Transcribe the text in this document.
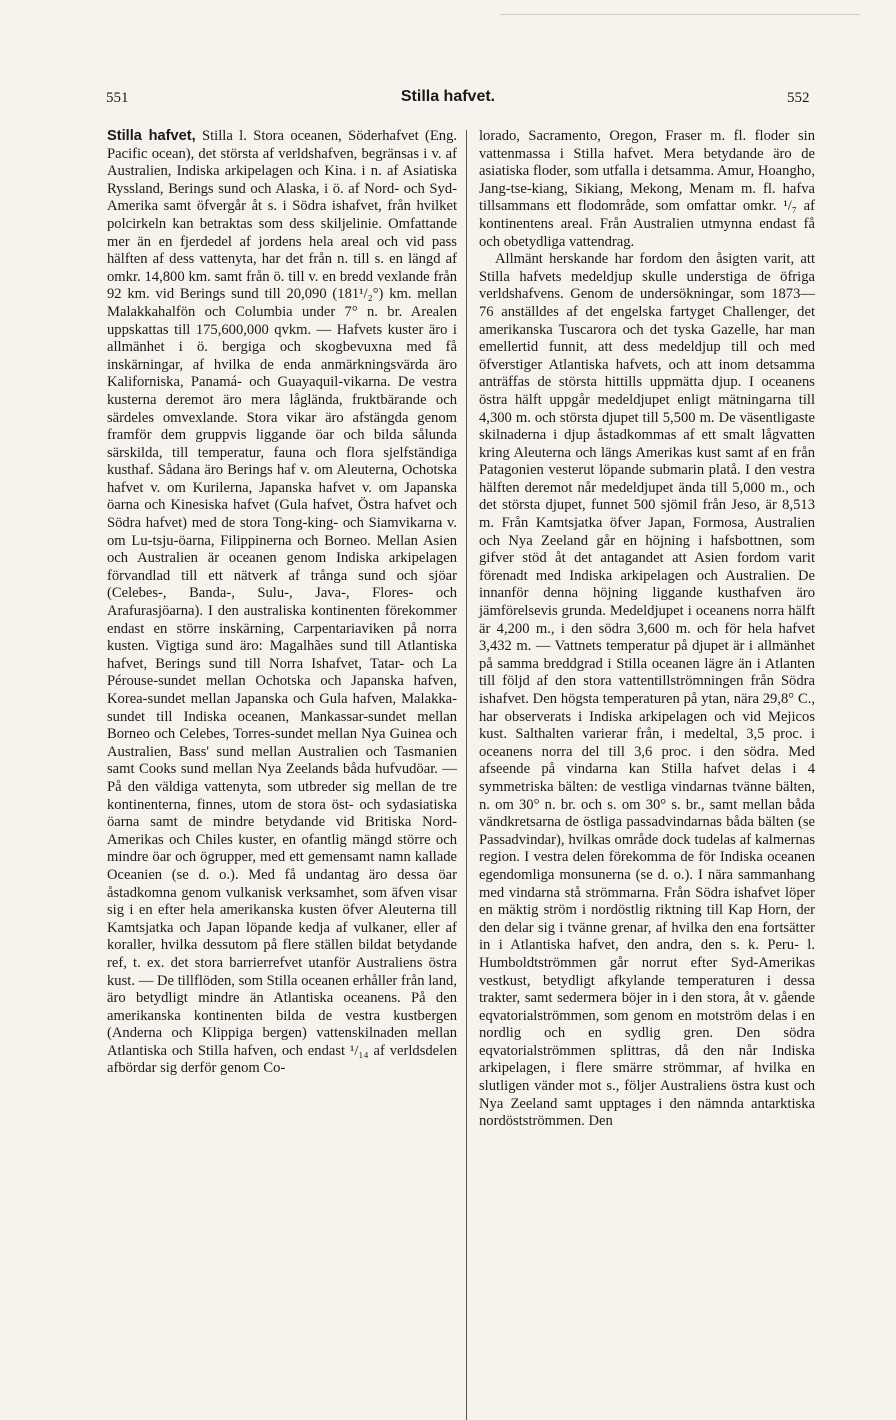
551	Stilla hafvet.	552

Stilla hafvet, Stilla l. Stora oceanen, Söderhafvet (Eng. Pacific ocean), det största af verldshafven, begränsas i v. af Australien, Indiska arkipelagen och Kina. i n. af Asiatiska Ryssland, Berings sund och Alaska, i ö. af Nord- och Syd-Amerika samt öfvergår åt s. i Södra ishafvet, från hvilket polcirkeln kan betraktas som dess skiljelinie. Omfattande mer än en fjerdedel af jordens hela areal och vid pass hälften af dess vattenyta, har det från n. till s. en längd af omkr. 14,800 km. samt från ö. till v. en bredd vexlande från 92 km. vid Berings sund till 20,090 (181¹/₂°) km. mellan Malakkahalfön och Columbia under 7° n. br. Arealen uppskattas till 175,600,000 qvkm. — Hafvets kuster äro i allmänhet i ö. bergiga och skogbevuxna med få inskärningar, af hvilka de enda anmärkningsvärda äro Kaliforniska, Panamá- och Guayaquil-vikarna. De vestra kusterna deremot äro mera lågländа, fruktbärande och särdeles omvexlande. Stora vikar äro afstängda genom framför dem gruppvis liggande öar och bilda sålunda särskilda, till temperatur, fauna och flora sjelfständiga kusthaf. Sådana äro Berings haf v. om Aleuterna, Ochotska hafvet v. om Kurilerna, Japanska hafvet v. om Japanska öarna och Kinesiska hafvet (Gula hafvet, Östra hafvet och Södra hafvet) med de stora Tong-king- och Siamvikarna v. om Lu-tsju-öarna, Filippinerna och Borneo. Mellan Asien och Australien är oceanen genom Indiska arkipelagen förvandlad till ett nätverk af trånga sund och sjöar (Celebes-, Banda-, Sulu-, Java-, Flores- och Arafurasjöarna). I den australiska kontinenten förekommer endast en större inskärning, Carpentariaviken på norra kusten. Vigtiga sund äro: Magalhães sund till Atlantiska hafvet, Berings sund till Norra Ishafvet, Tatar- och La Pérouse-sundet mellan Ochotska och Japanska hafven, Korea-sundet mellan Japanska och Gula hafven, Malakka-sundet till Indiska oceanen, Mankassar-sundet mellan Borneo och Celebes, Torres-sundet mellan Nya Guinea och Australien, Bass' sund mellan Australien och Tasmanien samt Cooks sund mellan Nya Zeelands båda hufvudöar. — På den väldiga vattenyta, som utbreder sig mellan de tre kontinenterna, finnes, utom de stora öst- och sydasiatiska öarna samt de mindre betydande vid Britiska Nord-Amerikas och Chiles kuster, en ofantlig mängd större och mindre öar och ögrupper, med ett gemensamt namn kallade Oceanien (se d. o.). Med få undantag äro dessa öar åstadkomna genom vulkanisk verksamhet, som äfven visar sig i en efter hela amerikanska kusten öfver Aleuterna till Kamtsjatka och Japan löpande kedja af vulkaner, eller af koraller, hvilka dessutom på flere ställen bildat betydande ref, t. ex. det stora barrierrefvet utanför Australiens östra kust. — De tillflöden, som Stilla oceanen erhåller från land, äro betydligt mindre än Atlantiska oceanens. På den amerikanska kontinenten bilda de vestra kustbergen (Anderna och Klippiga bergen) vattenskilnaden mellan Atlantiska och Stilla hafven, och endast ¹/₁₄ af verldsdelen afbördar sig derför genom Co-

lorado, Sacramento, Oregon, Fraser m. fl. floder sin vattenmassa i Stilla hafvet. Mera betydande äro de asiatiska floder, som utfalla i detsamma. Amur, Hoangho, Jang-tse-kiang, Sikiang, Mekong, Menam m. fl. hafva tillsammans ett flodområde, som omfattar omkr. ¹/₇ af kontinentens areal. Från Australien utmynna endast få och obetydliga vattendrag.

Allmänt herskande har fordom den åsigten varit, att Stilla hafvets medeldjup skulle understiga de öfriga verldshafvens. Genom de undersökningar, som 1873—76 anställdes af det engelska fartyget Challenger, det amerikanska Tuscarora och det tyska Gazelle, har man emellertid funnit, att dess medeldjup till och med öfverstiger Atlantiska hafvets, och att inom detsamma anträffas de största hittills uppmätta djup. I oceanens östra hälft uppgår medeldjupet enligt mätningarna till 4,300 m. och största djupet till 5,500 m. De väsentligaste skilnaderna i djup åstadkommas af ett smalt lågvatten kring Aleuterna och längs Amerikas kust samt af en från Patagonien vesterut löpande submarin platå. I den vestra hälften deremot når medeldjupet ända till 5,000 m., och det största djupet, funnet 500 sjömil från Jeso, är 8,513 m. Från Kamtsjatka öfver Japan, Formosa, Australien och Nya Zeeland går en höjning i hafsbottnen, som gifver stöd åt det antagandet att Asien fordom varit förenadt med Indiska arkipelagen och Australien. De innanför denna höjning liggande kusthafven äro jämförelsevis grunda. Medeldjupet i oceanens norra hälft är 4,200 m., i den södra 3,600 m. och för hela hafvet 3,432 m. — Vattnets temperatur på djupet är i allmänhet på samma breddgrad i Stilla oceanen lägre än i Atlanten till följd af den stora vattentillströmningen från Södra ishafvet. Den högsta temperaturen på ytan, nära 29,8° C., har observerats i Indiska arkipelagen och vid Mejicos kust. Salthalten varierar från, i medeltal, 3,5 proc. i oceanens norra del till 3,6 proc. i den södra. Med afseende på vindarna kan Stilla hafvet delas i 4 symmetriska bälten: de vestliga vindarnas tvänne bälten, n. om 30° n. br. och s. om 30° s. br., samt mellan båda vändkretsarna de östliga passadvindarnas båda bälten (se Passadvindar), hvilkas område dock tudelas af kalmernas region. I vestra delen förekomma de för Indiska oceanen egendomliga monsunerna (se d. o.). I nära sammanhang med vindarna stå strömmarna. Från Södra ishafvet löper en mäktig ström i nordöstlig riktning till Kap Horn, der den delar sig i tvänne grenar, af hvilka den ena fortsätter in i Atlantiska hafvet, den andra, den s. k. Peru- l. Humboldtströmmen går norrut efter Syd-Amerikas vestkust, betydligt afkylande temperaturen i dessa trakter, samt sedermera böjer in i den stora, åt v. gående eqvatorialströmmen, som genom en motström delas i en nordlig och en sydlig gren. Den södra eqvatorialströmmen splittras, då den når Indiska arkipelagen, i flere smärre strömmar, af hvilka en slutligen vänder mot s., följer Australiens östra kust och Nya Zeeland samt upptages i den nämnda antarktiska nordöstströmmen. Den
